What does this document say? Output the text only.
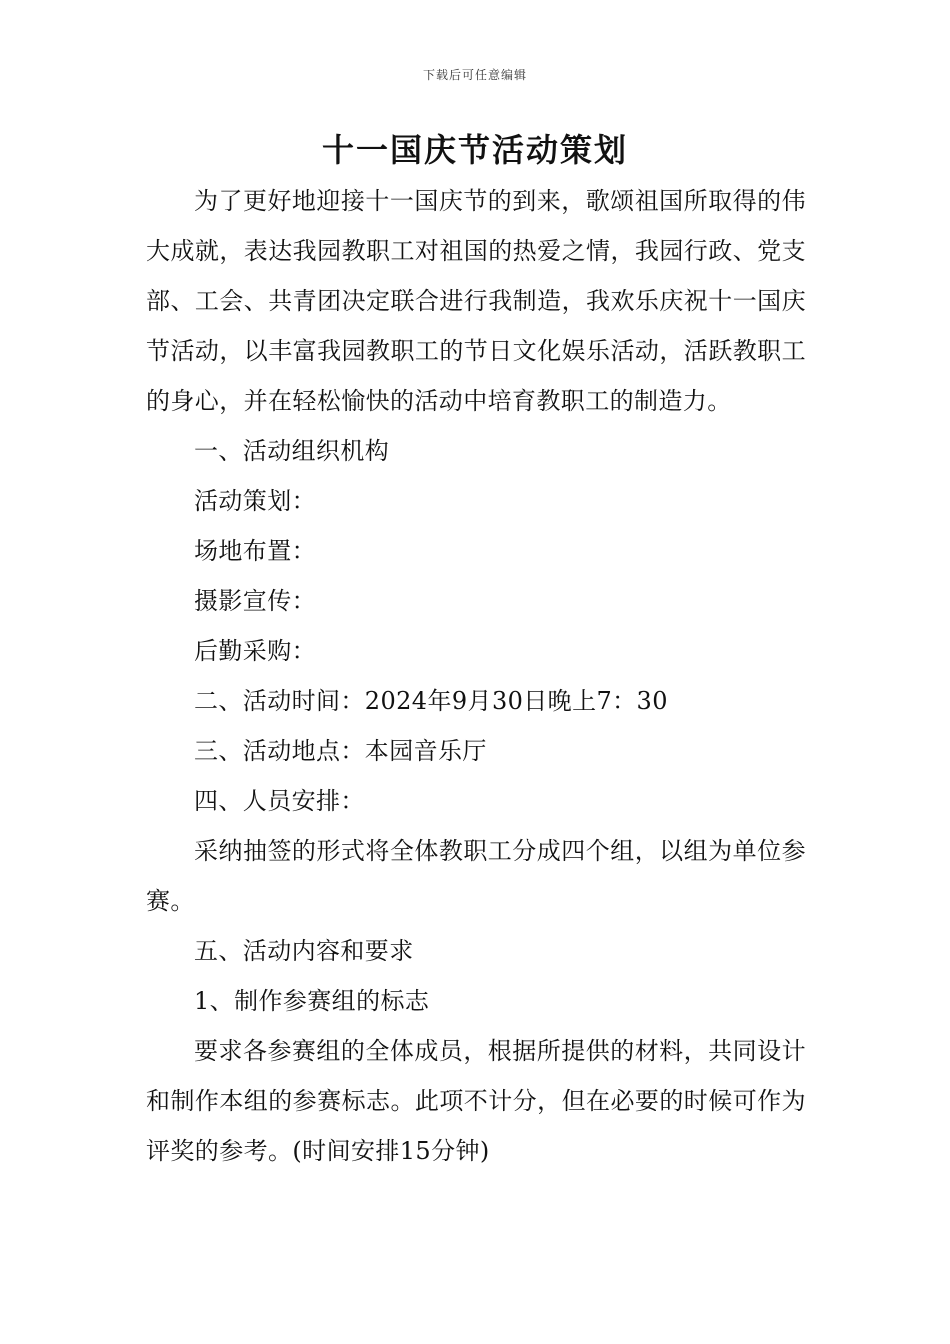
下载后可任意编辑
十一国庆节活动策划

为了更好地迎接十一国庆节的到来，歌颂祖国所取得的伟大成就，表达我园教职工对祖国的热爱之情，我园行政、党支部、工会、共青团决定联合进行我制造，我欢乐庆祝十一国庆节活动，以丰富我园教职工的节日文化娱乐活动，活跃教职工的身心，并在轻松愉快的活动中培育教职工的制造力。

一、活动组织机构

活动策划：

场地布置：

摄影宣传：

后勤采购：

二、活动时间：2024年9月30日晚上7：30

三、活动地点：本园音乐厅

四、人员安排：

采纳抽签的形式将全体教职工分成四个组，以组为单位参赛。

五、活动内容和要求

1、制作参赛组的标志

要求各参赛组的全体成员，根据所提供的材料，共同设计和制作本组的参赛标志。此项不计分，但在必要的时候可作为评奖的参考。(时间安排15分钟)
